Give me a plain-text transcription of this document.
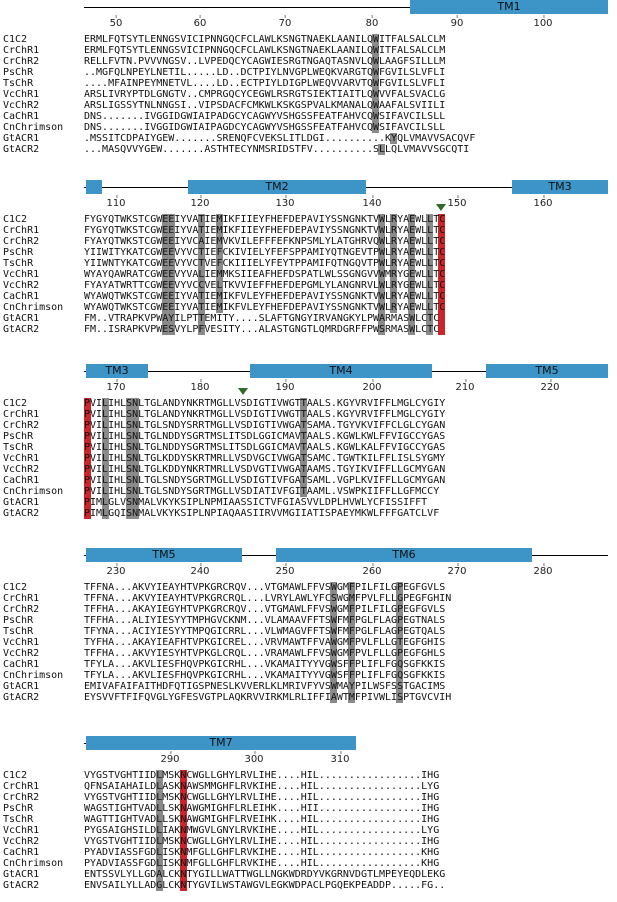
TM1
50	60	70	80	90	100
C1C2	ERMLFQTSYTLENNGSVICIPNNGQCFCLAWLKSNGTNAEKLAANILQWITFALSALCLM
CrChR1	ERMLFQTSYTLENNGSVICIPNNGQCFCLAWLKSNGTNAEKLAANILQWITFALSALCLM
CrChR2	RELLFVTN.PVVVNGSV..LVPEDQCYCAGWIESRGTNGAQTASNVLQWLAAGFSILLLM
PsChR	..MGFQLNPEYLNETIL.....LD..DCTPIYLNVGPLWEQKVARGTQWFGVILSLVFLI
TsChR	....MFAINPEYMNETVL....LD..ECTPIYLDIGPLWEQVVARVTQWFGVILSLVFLI
VcChR1	ARSLIVRYPTDLGNGTV..CMPRGQCYCEGWLRSRGTSIEKTIAITLQWVVFALSVACLG
VcChR2	ARSLIGSSYTNLNNGSI..VIPSDACFCMKWLKSKGSPVALKMANALQWAAFALSVIILI
CaChR1	DNS.......IVGGIDGWIAIPADGCYCAGWYVSHGSSFEATFAHVCQWSIFAVCILSLL
CnChrimson DNS.......IVGGIDGWIAIPAGDCYCAGWYVSHGSSFEATFAHVCQWSIFAVCILSLL
GtACR1	.MSSITCDPAIYGEW.......SRENQFCVEKSLITLDGI..........KYQLVMAVVSACQVF
GtACR2	...MASQVVYGEW.......ASTHTECYNMSRIDSTFV..........SLLQLVMAVVSGCQTI
TM2	TM3
110	120	130	140	150	160
C1C2	FYGYQTWKSTCGWEEIYVATIEMIKFIIEYFHEFDEPAVIYSSNGNKTVWLRYAEWLLTC
CrChR1	FYGYQTWKSTCGWEEIYVATIEMIKFIIEYFHEFDEPAVIYSSNGNKTVWLRYAEWLLTC
CrChR2	FYAYQTWKSTCGWEEIYVCAIEMVKVILEFFFEFKNPSMLYLATGHRVQWLRYAEWLLTC
PsChR	YIIWITYKATCGWEEVYVCTIEFCKIVIELYFEFSPPAMIYQTNGEVTPWLRYAEWLLTC
TsChR	YIIWNTYKATCGWEEVYVCTVEFCKIIIELYFEYTPPAMIFQTNGQVTPWLRYAEWLLTC
VcChR1	WYAYQAWRATCGWEEVYVALIEMMKSIIEAFHEFDSPATLWLSSGNGVVWMRYGEWLLTC
VcChR2	FYAYATWRTTCGWEEVYVCCVELTKVVIEFFHEFDEPGMLYLANGNRVLWLRYGEWLLTC
CaChR1	WYAWQTWKSTCGWEEIYVATIEMIKFVLEYFHEFDEPAVIYSSNGNKTVWLRYAEWLLTC
CnChrimson WYAWQTWKSTCGWEEIYVATIEMIKFVLEYFHEFDEPAVIYSSNGNKTVWLRYAEWLLTC
GtACR1	FM..VTRAPKVPWAYILPTTEMITY....SLAFTGNGYIRVANGKYLPWARMASWLCTC
GtACR2	FM..ISRAPKVPWESVYLPFVESITY...ALASTGNGTLQMRDGRFFPWSRMASWLCTC
TM3	TM4	TM5
170	180	190	200	210	220
C1C2	PVILIHLSNLTGLANDYNKRTMGLLVSDIGTIVWGTTAALS.KGYVRVIFFLMGLCYGIY
CrChR1	PVILIHLSNLTGLANDYNKRTMGLLVSDIGTIVWGTTAALS.KGYVRVIFFLMGLCYGIY
CrChR2	PVILIHLSNLTGLSNDYSRRTMGLLVSDIGTIVWGATSAMA.TGYVKVIFFCLGLCYGAN
PsChR	PVILIHLSNLTGLNDDYSGRTMSLITSDLGGICMAVTAALS.KGWLKWLFFVIGCCYGAS
TsChR	PVILIHLSNLTGLNDDYSGRTMSLITSDLGGICMAVTAALS.KGWLKALFFVIGCCYGAS
VcChR1	PVILIHLSNLTGLKDDYSKRTMRLLVSDVGCIVWGATSAMC.TGWTKILFFLISLSYGMY
VcChR2	PVILIHLSNLTGLKDDYNKRTMRLLVSDVGTIVWGATAAMS.TGYIKVIFFLLGCMYGAN
CaChR1	PVILIHLSNLTGLSNDYSGRTMGLLVSDIGTIVFGATSAML.VGPLKVIFFLLGCMYGAN
CnChrimson PVILIHLSNLTGLSNDYSGRTMGLLVSDIATIVFGITAAML.VSWPKIIFFLLGFMCCY
GtACR1	PIMLGLVSNMALVKYKSIPLNPMIAASSICTVFGIASVVLDPLHVWLYCFISSIFFT
GtACR2	PIMLGQISNMALVKYKSIPLNPIAQAASIIRVVMGIIATISPAEYMKWLFFFGATCLVF
TM5	TM6
230	240	250	260	270	280
C1C2	TFFNA...AKVYIEAYHTVPKGRCRQV...VTGMAWLFFVSWGMFPILFILGPEGFGVLS
CrChR1	TFFNA...AKVYIEAYHTVPKGRCRQL...LVRYLAWLYFCSWGMFPVLFLLGPEGFGHIN
CrChR2	TFFHA...AKAYIEGYHTVPKGRCRQV...VTGMAWLFFVSWGMFPILFILGPEGFGVLS
PsChR	TFFHA...ALIYIESYYTMPHGVCKNM...VLAMAAVFFTSWFMFPGLFLAGPEGTNALS
TsChR	TFYNA...ACIYIESYYTMPQGICRRL...VLWMAGVFFTSWFMFPGLFLAGPEGTQALS
VcChR1	TYFHA...AKAYIEAFHTVPKGICREL...VRVMAWTFFVAWGMFPVLFLLGTEGFGHIS
VcChR2	TFFHA...AKVYIESYHTVPKGLCRQL...VRAMAWLFFVSWGMFPVLFLLGPEGFGHLS
CaChR1	TFYLA...AKVLIESFHQVPKGICRHL...VKAMAITYYVGWSFFPLIFLFGQSGFKKIS
CnChrimson TFYLA...AKVLIESFHQVPKGICRHL...VKAMAITYYVGWSFFPLIFLFGQSGFKKIS
GtACR1	EMIVAFAIFAITHDFQTIGSPNESLKVVERLKLMRIVFYVSWMAYPILWSFSSTGACIMS
GtACR2	EYSVVFTFIFQVGLYGFESVGTPLAQKRVVIRKMLRLIFFIAWTMFPIVWLISPTGVCVIH
TM7
290	300	310
C1C2	VYGSTVGHTIIDLMSKNCWGLLGHYLRVLIHE....HIL.................IHG
CrChR1	QFNSAIAHAILDLASKNAWSMMGHFLRVKIHE....HIL.................LYG
CrChR2	VYGSTVGHTIIDLMSKNCWGLLGHYLRVLIHE....HIL.................IHG
PsChR	WAGSTIGHTVADLLSKNAWGMIGHFLRLEIHK....HII.................IHG
TsChR	WAGTTIGHTVADLLSKNAWGMIGHFLRVEIHK....HIL.................IHG
VcChR1	PYGSAIGHSILDLIAKNMWGVLGNYLRVKIHE....HIL.................LYG
VcChR2	VYGSTVGHTIIDLMSKNCWGLLGHYLRVLIHE....HIL.................IHG
CaChR1	PYADVIASSFGDLISKNMFGLLGHFLRVKIHE....HIL.................KHG
CnChrimson PYADVIASSFGDLISKNMFGLLGHFLRVKIHE....HIL.................KHG
GtACR1	ENTSSVLYLLGDALCKNTYGILLWATTWGLLNGKWDRDYVKGRNVDGTLMPEYEQDLEKG
GtACR2	ENVSAILYLLADGLCKNTYGVILWSTAWGVLEGKWDPACLPGQEKPEADDP.....FG..
